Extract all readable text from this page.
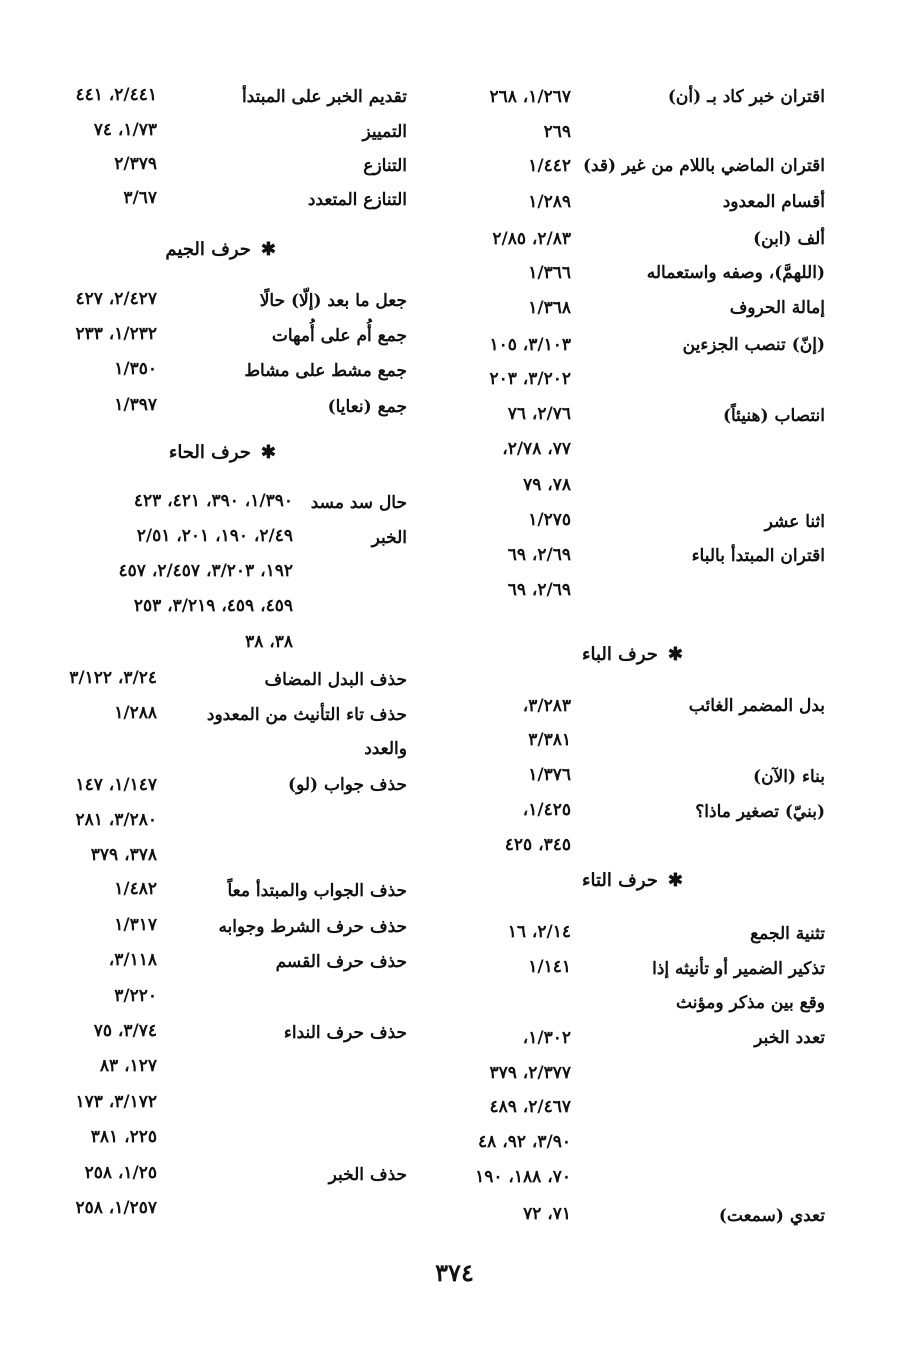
اقتران خبر كاد بـ (أن)
١/٢٦٧، ٢٦٨
٢٦٩
اقتران الماضي باللام من غير (قد)
١/٤٤٢
أقسام المعدود
١/٢٨٩
ألف (ابن)
٢/٨٣، ٢/٨٥
(اللهمَّ)، وصفه واستعماله
١/٣٦٦
إمالة الحروف
١/٣٦٨
(إنّ) تنصب الجزءين
٣/١٠٣، ١٠٥
٣/٢٠٢، ٢٠٣
انتصاب (هنيئاً)
٢/٧٦، ٧٦
٧٧، ٢/٧٨،
٧٨، ٧٩
اثنا عشر
١/٢٧٥
اقتران المبتدأ بالباء
٢/٦٩، ٦٩
٢/٦٩، ٦٩
✱حرف الباء
بدل المضمر الغائب
٣/٢٨٣،
٣/٣٨١
بناء (الآن)
١/٣٧٦
(بنيّ) تصغير ماذا؟
١/٤٢٥،
٣٤٥، ٤٢٥
✱حرف التاء
تثنية الجمع
٢/١٤، ١٦
تذكير الضمير أو تأنيثه إذا
١/١٤١
وقع بين مذكر ومؤنث
تعدد الخبر
١/٣٠٢،
٢/٣٧٧، ٣٧٩
٢/٤٦٧، ٤٨٩
٣/٩٠، ٩٢، ٤٨
٧٠، ١٨٨، ١٩٠
تعدي (سمعت)
٧١، ٧٢
تقديم الخبر على المبتدأ
٢/٤٤١، ٤٤١
التمييز
١/٧٣، ٧٤
التنازع
٢/٣٧٩
التنازع المتعدد
٣/٦٧
✱حرف الجيم
جعل ما بعد (إلّا) حالًا
٢/٤٢٧، ٤٢٧
جمع أُم على أُمهات
١/٢٣٢، ٢٣٣
جمع مشط على مشاط
١/٣٥٠
جمع (نعايا)
١/٣٩٧
✱حرف الحاء
حال سد مسد
١/٣٩٠، ٣٩٠، ٤٢١، ٤٢٣
الخبر
٢/٤٩، ١٩٠، ٢٠١، ٢/٥١
١٩٢، ٣/٢٠٣، ٢/٤٥٧، ٤٥٧
٤٥٩، ٤٥٩، ٣/٢١٩، ٢٥٣
٣٨، ٣٨
حذف البدل المضاف
٣/٢٤، ٣/١٢٢
حذف تاء التأنيث من المعدود
١/٢٨٨
والعدد
حذف جواب (لو)
١/١٤٧، ١٤٧
٣/٢٨٠، ٢٨١
٣٧٨، ٣٧٩
حذف الجواب والمبتدأ معاً
١/٤٨٢
حذف حرف الشرط وجوابه
١/٣١٧
حذف حرف القسم
٣/١١٨،
٣/٢٢٠
حذف حرف النداء
٣/٧٤، ٧٥
١٢٧، ٨٣
٣/١٧٢، ١٧٣
٢٢٥، ٣٨١
حذف الخبر
١/٢٥، ٢٥٨
١/٢٥٧، ٢٥٨
٣٧٤
